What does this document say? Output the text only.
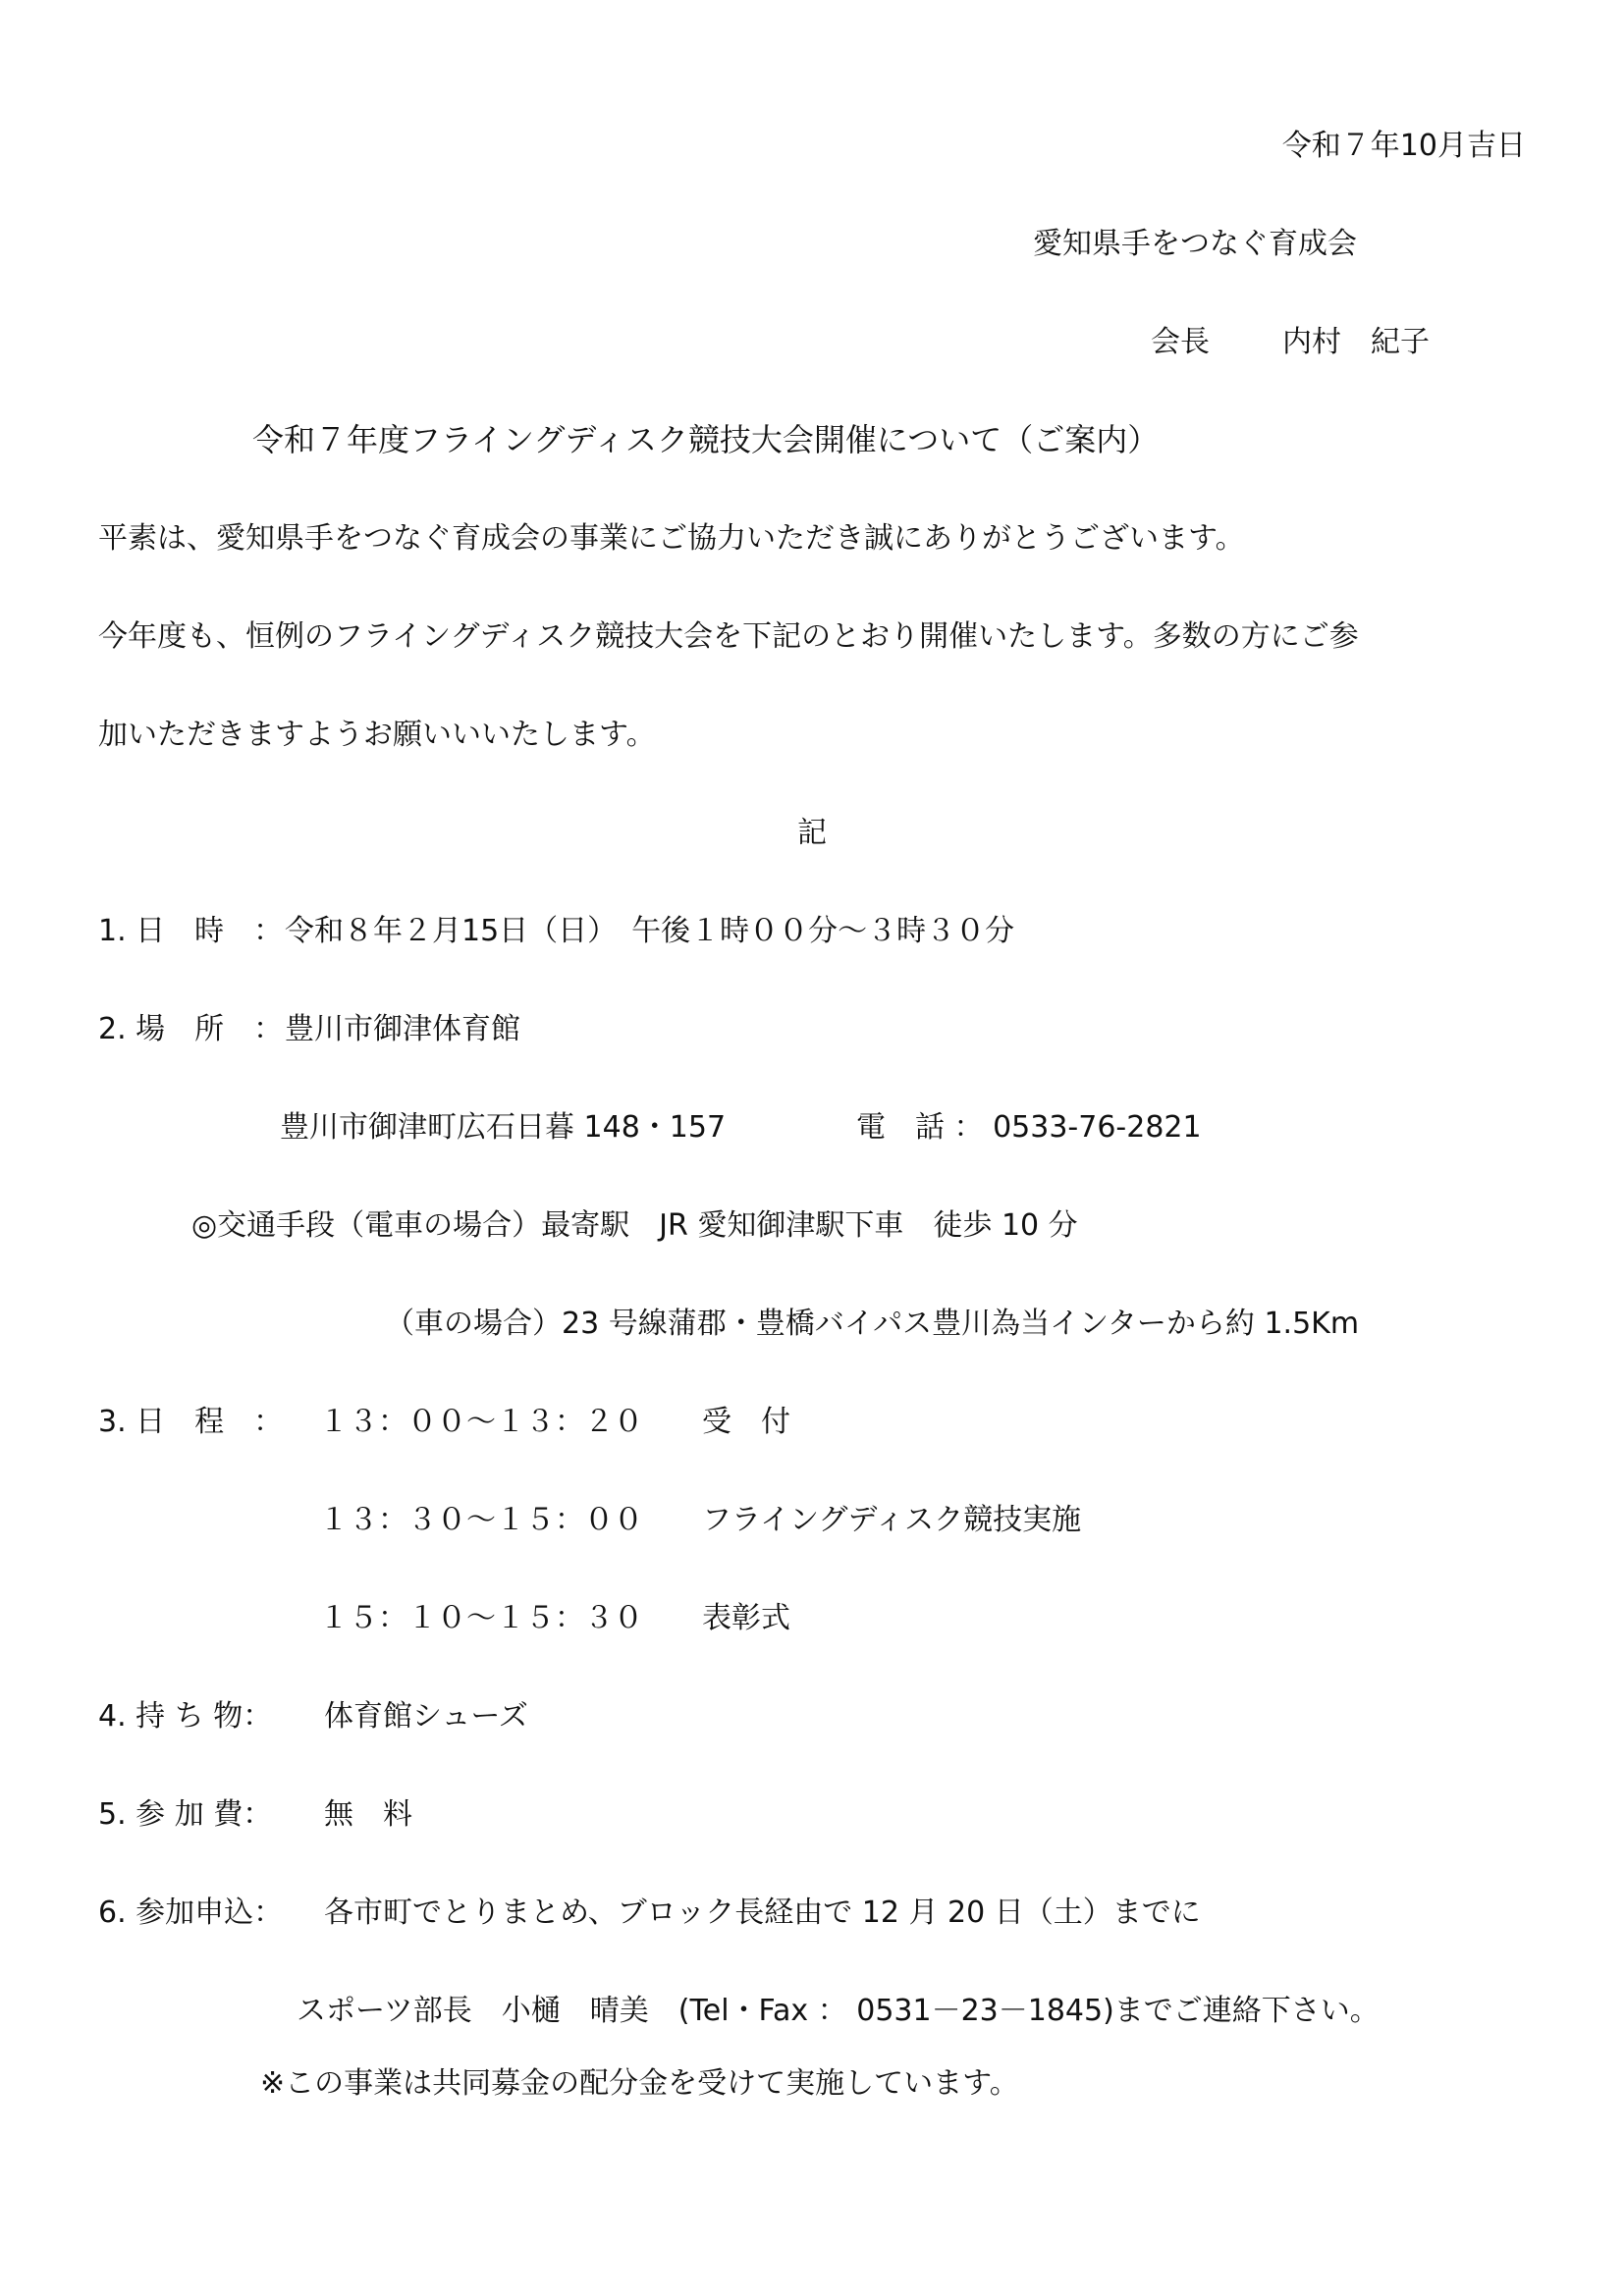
令和７年10月吉日
愛知県手をつなぐ育成会
会長 内村　紀子
令和７年度フライングディスク競技大会開催について（ご案内）
平素は、愛知県手をつなぐ育成会の事業にご協力いただき誠にありがとうございます。
今年度も、恒例のフライングディスク競技大会を下記のとおり開催いたします。多数の方にご参
加いただきますようお願いいいたします。
記
1. 日　時　：令和８年２月15日（日）　午後１時００分～３時３０分
2. 場　所　：豊川市御津体育館
豊川市御津町広石日暮 148・157	電　話 ： 0533-76-2821
◎交通手段（電車の場合）最寄駅　JR 愛知御津駅下車　徒歩 10 分
（車の場合）23 号線蒲郡・豊橋バイパス豊川為当インターから約 1.5Km
3. 日　程　： １３：００～１３：２０ 受　付
１３：３０～１５：００ フライングディスク競技実施
１５：１０～１５：３０ 表彰式
4. 持 ち 物： 体育館シューズ
5. 参 加 費： 無　料
6. 参加申込： 各市町でとりまとめ、ブロック長経由で 12 月 20 日（土）までに
スポーツ部長　小樋　晴美　(Tel・Fax ： 0531－23－1845)までご連絡下さい。
※この事業は共同募金の配分金を受けて実施しています。
